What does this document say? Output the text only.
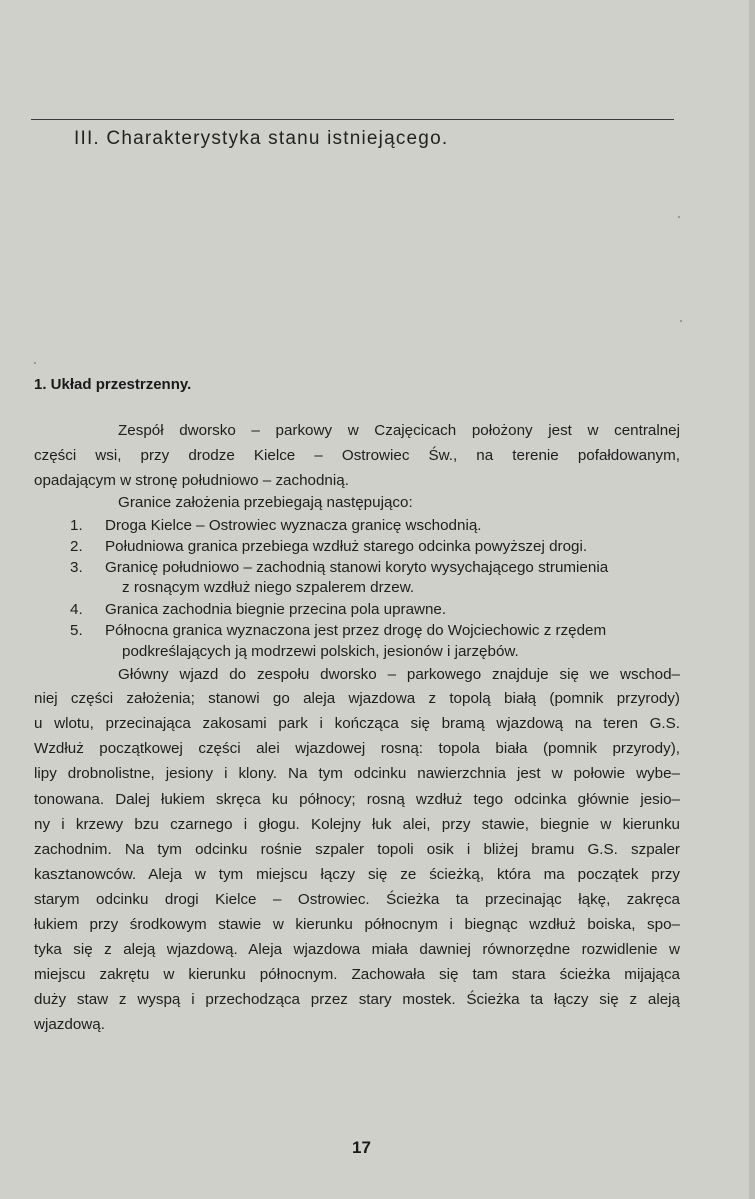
III. Charakterystyka stanu istniejącego.
1. Układ przestrzenny.
Zespół dworsko – parkowy w Czajęcicach położony jest w centralnej
części wsi, przy drodze Kielce – Ostrowiec Św., na terenie pofałdowanym,
opadającym w stronę południowo – zachodnią.
Granice założenia przebiegają następująco:
1. Droga Kielce – Ostrowiec wyznacza granicę wschodnią.
2. Południowa granica przebiega wzdłuż starego odcinka powyższej drogi.
3. Granicę południowo – zachodnią stanowi koryto wysychającego strumienia
z rosnącym wzdłuż niego szpalerem drzew.
4. Granica zachodnia biegnie przecina pola uprawne.
5. Północna granica wyznaczona jest przez drogę do Wojciechowic z rzędem
podkreślających ją modrzewi polskich, jesionów i jarzębów.
Główny wjazd do zespołu dworsko – parkowego znajduje się we wschod–
niej części założenia; stanowi go aleja wjazdowa z topolą białą (pomnik przyrody)
u wlotu, przecinająca zakosami park i kończąca się bramą wjazdową na teren G.S.
Wzdłuż początkowej części alei wjazdowej rosną: topola biała (pomnik przyrody),
lipy drobnolistne, jesiony i klony. Na tym odcinku nawierzchnia jest w połowie wybe–
tonowana. Dalej łukiem skręca ku północy; rosną wzdłuż tego odcinka głównie jesio–
ny i krzewy bzu czarnego i głogu. Kolejny łuk alei, przy stawie, biegnie w kierunku
zachodnim. Na tym odcinku rośnie szpaler topoli osik i bliżej bramu G.S. szpaler
kasztanowców. Aleja w tym miejscu łączy się ze ścieżką, która ma początek przy
starym odcinku drogi Kielce – Ostrowiec. Ścieżka ta przecinając łąkę, zakręca
łukiem przy środkowym stawie w kierunku północnym i biegnąc wzdłuż boiska, spo–
tyka się z aleją wjazdową. Aleja wjazdowa miała dawniej równorzędne rozwidlenie w
miejscu zakrętu w kierunku północnym. Zachowała się tam stara ścieżka mijająca
duży staw z wyspą i przechodząca przez stary mostek. Ścieżka ta łączy się z aleją
wjazdową.
17
